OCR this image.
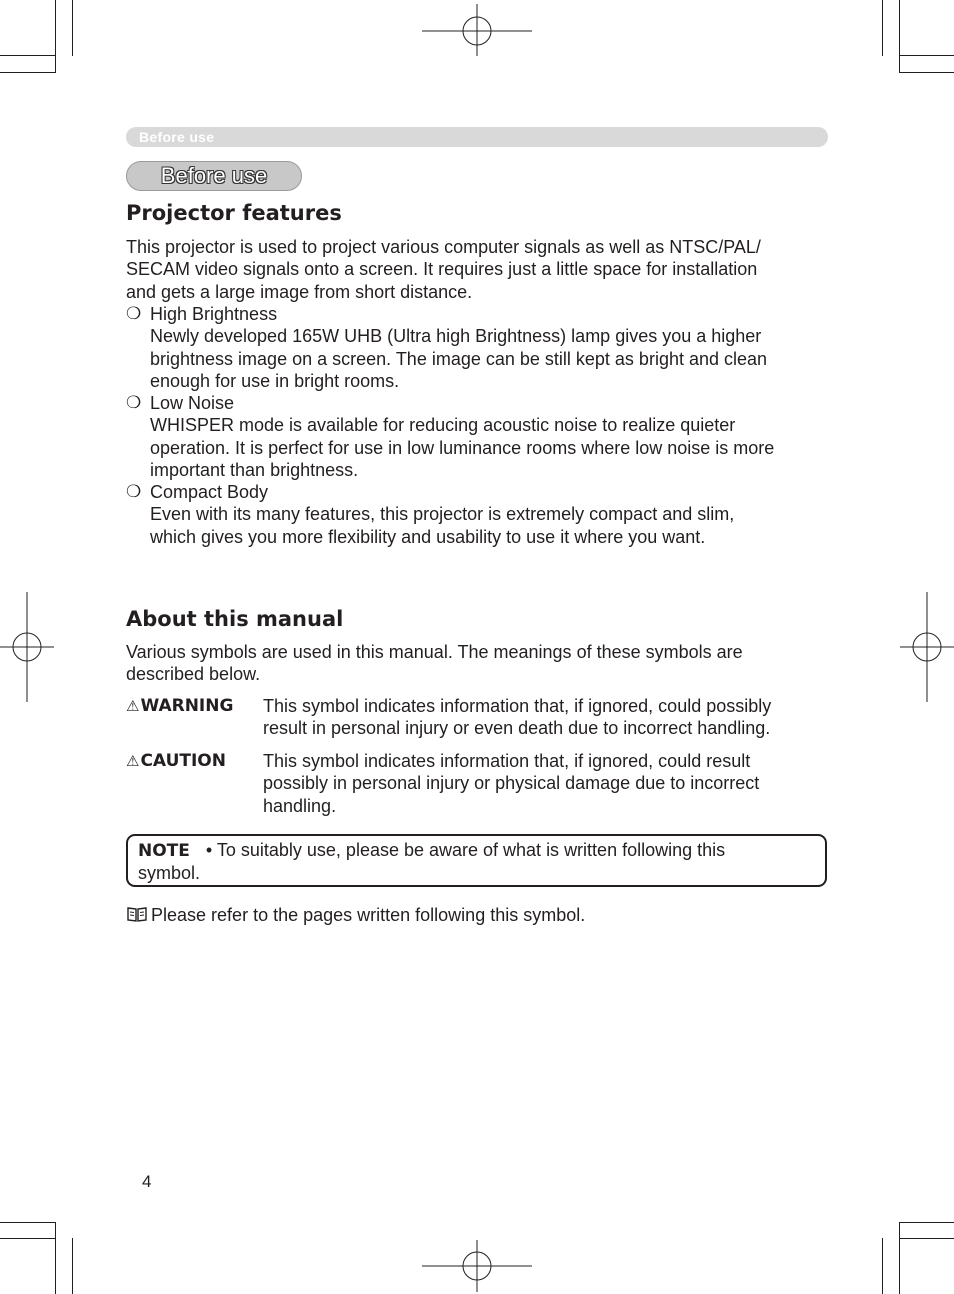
Before use
Before use
Projector features

This projector is used to project various computer signals as well as NTSC/PAL/

SECAM video signals onto a screen. It requires just a little space for installation

and gets a large image from short distance.

❍ High Brightness

Newly developed 165W UHB (Ultra high Brightness) lamp gives you a higher

brightness image on a screen. The image can be still kept as bright and clean

enough for use in bright rooms.

❍ Low Noise

WHISPER mode is available for reducing acoustic noise to realize quieter

operation. It is perfect for use in low luminance rooms where low noise is more

important than brightness.

❍ Compact Body

Even with its many features, this projector is extremely compact and slim,

which gives you more flexibility and usability to use it where you want.

About this manual

Various symbols are used in this manual. The meanings of these symbols are

described below.

⚠WARNING This symbol indicates information that, if ignored, could possibly

result in personal injury or even death due to incorrect handling.

⚠CAUTION This symbol indicates information that, if ignored, could result

possibly in personal injury or physical damage due to incorrect

handling.

NOTE • To suitably use, please be aware of what is written following this

symbol.

Please refer to the pages written following this symbol.

4
